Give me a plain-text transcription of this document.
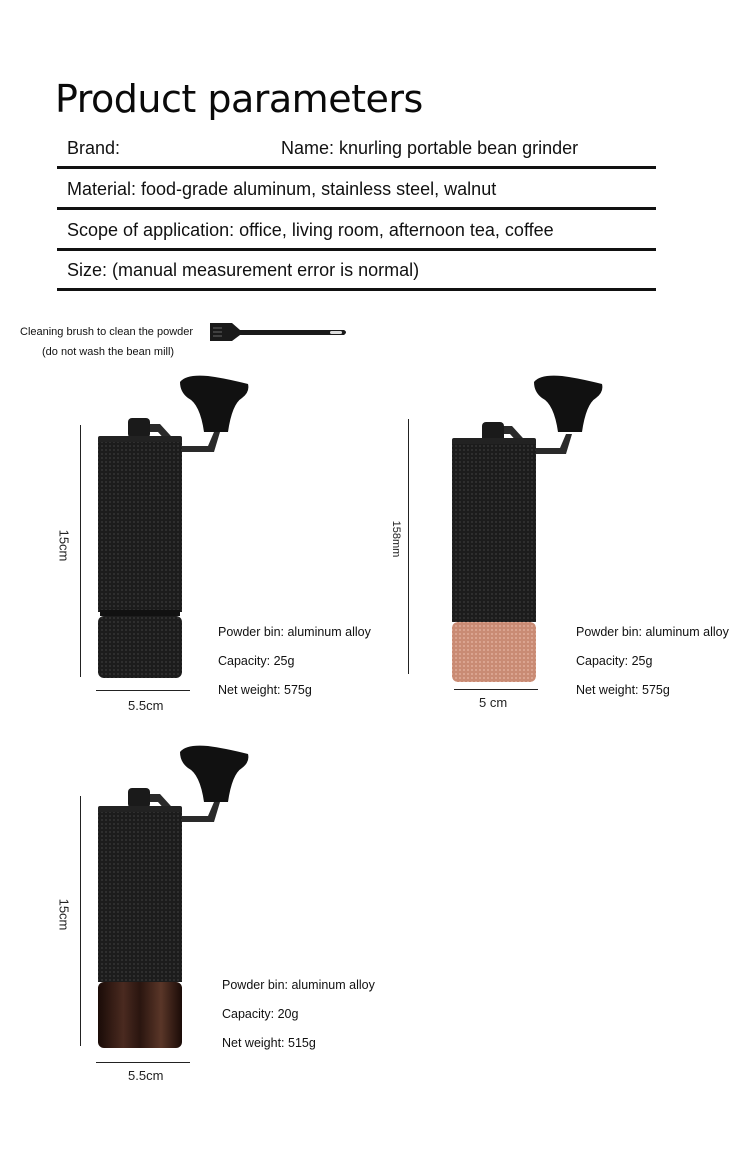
Product parameters
Brand:	Name: knurling portable bean grinder
Material: food-grade aluminum, stainless steel, walnut
Scope of application: office, living room, afternoon tea, coffee
Size: (manual measurement error is normal)
Cleaning brush to clean the powder
(do not wash the bean mill)
15cm
5.5cm
Powder bin: aluminum alloy
Capacity: 25g
Net weight: 575g
158mm
5 cm
Powder bin: aluminum alloy
Capacity: 25g
Net weight: 575g
15cm
5.5cm
Powder bin: aluminum alloy
Capacity: 20g
Net weight: 515g
